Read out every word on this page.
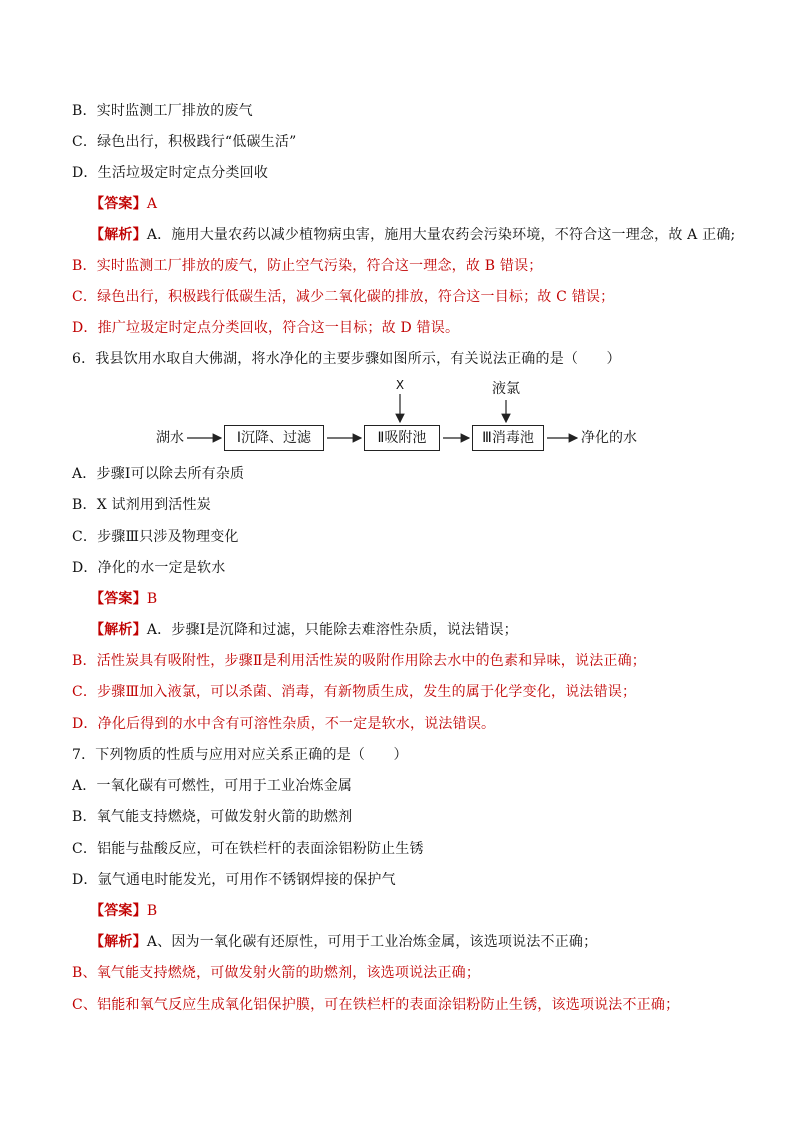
B．实时监测工厂排放的废气
C．绿色出行，积极践行“低碳生活”
D．生活垃圾定时定点分类回收
【答案】A
【解析】A．施用大量农药以减少植物病虫害，施用大量农药会污染环境，不符合这一理念，故 A 正确;
B．实时监测工厂排放的废气，防止空气污染，符合这一理念，故 B 错误；
C．绿色出行，积极践行低碳生活，减少二氧化碳的排放，符合这一目标；故 C 错误；
D．推广垃圾定时定点分类回收，符合这一目标；故 D 错误。
6．我县饮用水取自大佛湖，将水净化的主要步骤如图所示，有关说法正确的是（　　）
X	液氯
湖水	Ⅰ沉降、过滤	Ⅱ吸附池	Ⅲ消毒池	净化的水
A．步骤Ⅰ可以除去所有杂质
B．X 试剂用到活性炭
C．步骤Ⅲ只涉及物理变化
D．净化的水一定是软水
【答案】B
【解析】A．步骤Ⅰ是沉降和过滤，只能除去难溶性杂质，说法错误；
B．活性炭具有吸附性，步骤Ⅱ是利用活性炭的吸附作用除去水中的色素和异味，说法正确；
C．步骤Ⅲ加入液氯，可以杀菌、消毒，有新物质生成，发生的属于化学变化，说法错误；
D．净化后得到的水中含有可溶性杂质，不一定是软水，说法错误。
7．下列物质的性质与应用对应关系正确的是（　　）
A．一氧化碳有可燃性，可用于工业冶炼金属
B．氧气能支持燃烧，可做发射火箭的助燃剂
C．铝能与盐酸反应，可在铁栏杆的表面涂铝粉防止生锈
D．氩气通电时能发光，可用作不锈钢焊接的保护气
【答案】B
【解析】A、因为一氧化碳有还原性，可用于工业冶炼金属，该选项说法不正确；
B、氧气能支持燃烧，可做发射火箭的助燃剂，该选项说法正确；
C、铝能和氧气反应生成氧化铝保护膜，可在铁栏杆的表面涂铝粉防止生锈，该选项说法不正确；
